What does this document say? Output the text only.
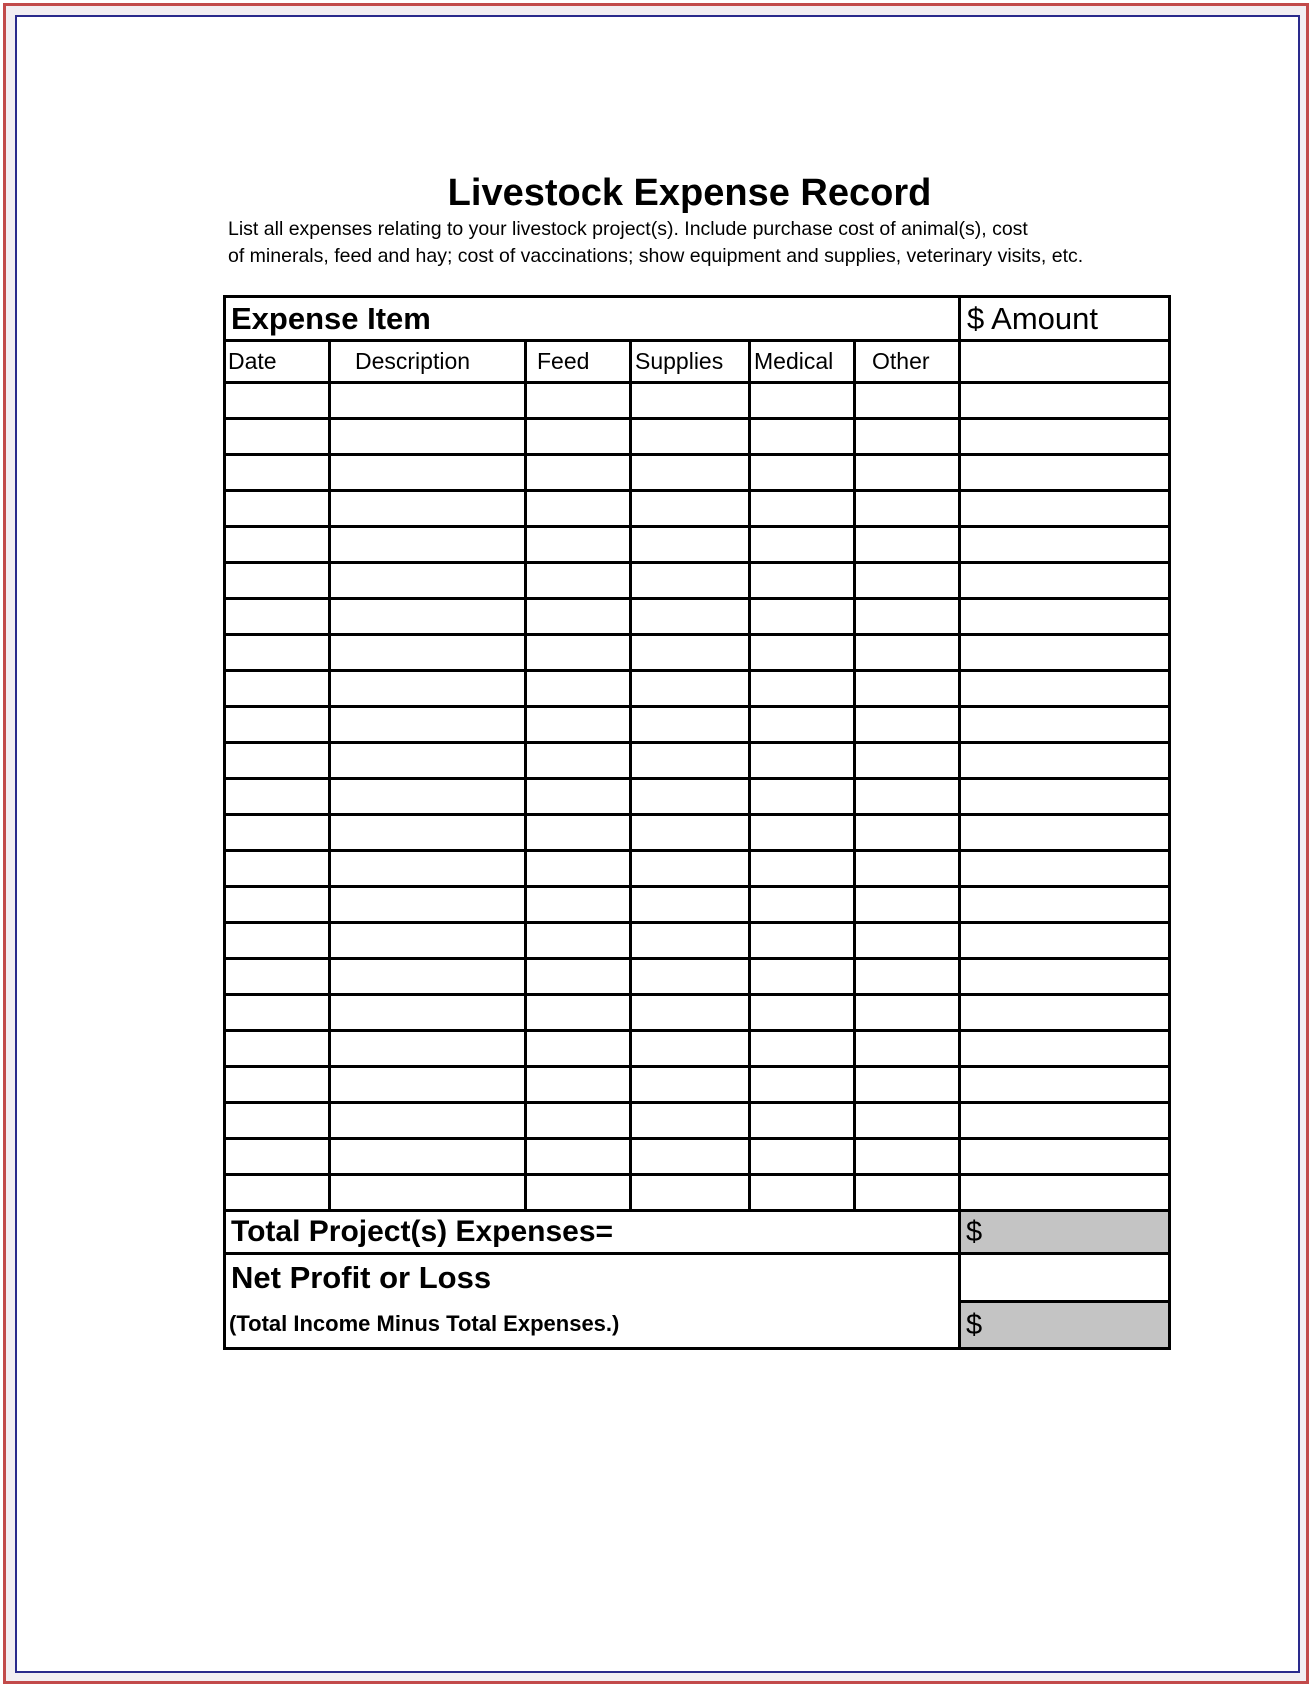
Livestock Expense Record
List all expenses relating to your livestock project(s). Include purchase cost of animal(s), cost
of minerals, feed and hay; cost of vaccinations; show equipment and supplies, veterinary visits, etc.
Expense Item						$ Amount
Date	Description	Feed	Supplies	Medical	Other	

Total Project(s) Expenses=						$
Net Profit or Loss						
(Total Income Minus Total Expenses.)						$
